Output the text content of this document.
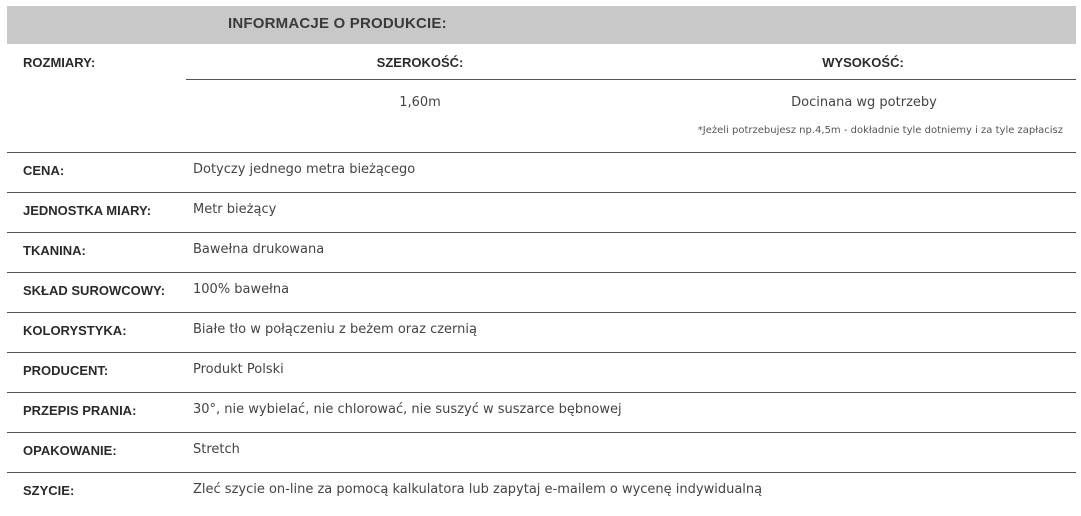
INFORMACJE O PRODUKCIE:
ROZMIARY:	SZEROKOŚĆ:	WYSOKOŚĆ:
1,60m	Docinana wg potrzeby
*Jeżeli potrzebujesz np.4,5m - dokładnie tyle dotniemy i za tyle zapłacisz
CENA:	Dotyczy jednego metra bieżącego
JEDNOSTKA MIARY:	Metr bieżący
TKANINA:	Bawełna drukowana
SKŁAD SUROWCOWY: 100% bawełna
KOLORYSTYKA:	Białe tło w połączeniu z beżem oraz czernią
PRODUCENT:	Produkt Polski
PRZEPIS PRANIA:	30°, nie wybielać, nie chlorować, nie suszyć w suszarce bębnowej
OPAKOWANIE:	Stretch
SZYCIE:	Zleć szycie on-line za pomocą kalkulatora lub zapytaj e-mailem o wycenę indywidualną
